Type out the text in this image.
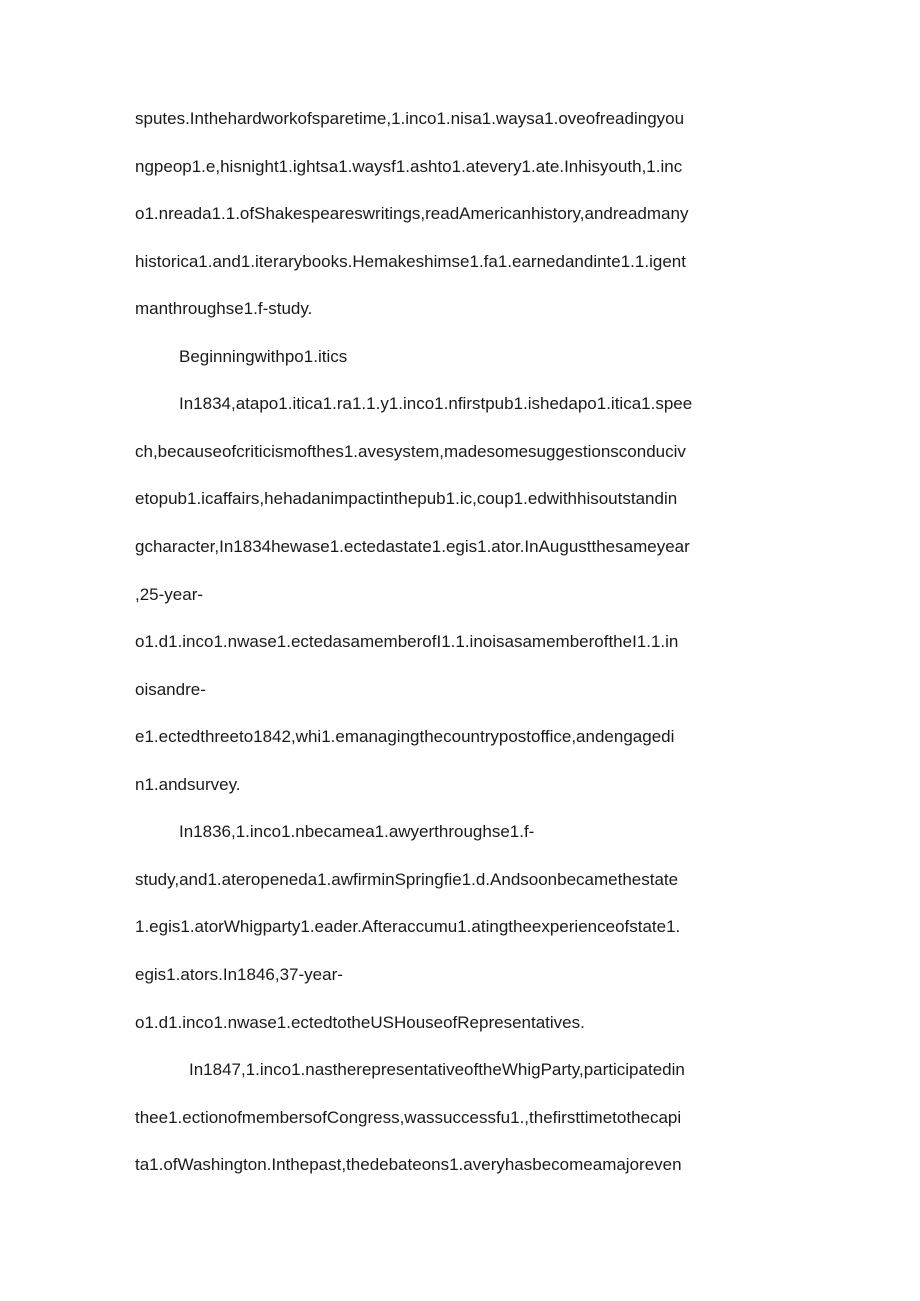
sputes.Inthehardworkofsparetime,1.inco1.nisa1.waysa1.oveofreadingyou
ngpeop1.e,hisnight1.ightsa1.waysf1.ashto1.atevery1.ate.Inhisyouth,1.inc
o1.nreada1.1.ofShakespeareswritings,readAmericanhistory,andreadmany
historica1.and1.iterarybooks.Hemakeshimse1.fa1.earnedandinte1.1.igent
manthroughse1.f-study.
Beginningwithpo1.itics
In1834,atapo1.itica1.ra1.1.y1.inco1.nfirstpub1.ishedapo1.itica1.spee
ch,becauseofcriticismofthes1.avesystem,madesomesuggestionsconduciv
etopub1.icaffairs,hehadanimpactinthepub1.ic,coup1.edwithhisoutstandin
gcharacter,In1834hewase1.ectedastate1.egis1.ator.InAugustthesameyear
,25-year-
o1.d1.inco1.nwase1.ectedasamemberofI1.1.inoisasamemberoftheI1.1.in
oisandre-
e1.ectedthreeto1842,whi1.emanagingthecountrypostoffice,andengagedi
n1.andsurvey.
In1836,1.inco1.nbecamea1.awyerthroughse1.f-
study,and1.ateropeneda1.awfirminSpringfie1.d.Andsoonbecamethestate
1.egis1.atorWhigparty1.eader.Afteraccumu1.atingtheexperienceofstate1.
egis1.ators.In1846,37-year-
o1.d1.inco1.nwase1.ectedtotheUSHouseofRepresentatives.
In1847,1.inco1.nastherepresentativeoftheWhigParty,participatedin
thee1.ectionofmembersofCongress,wassuccessfu1.,thefirsttimetothecapi
ta1.ofWashington.Inthepast,thedebateons1.averyhasbecomeamajoreven
